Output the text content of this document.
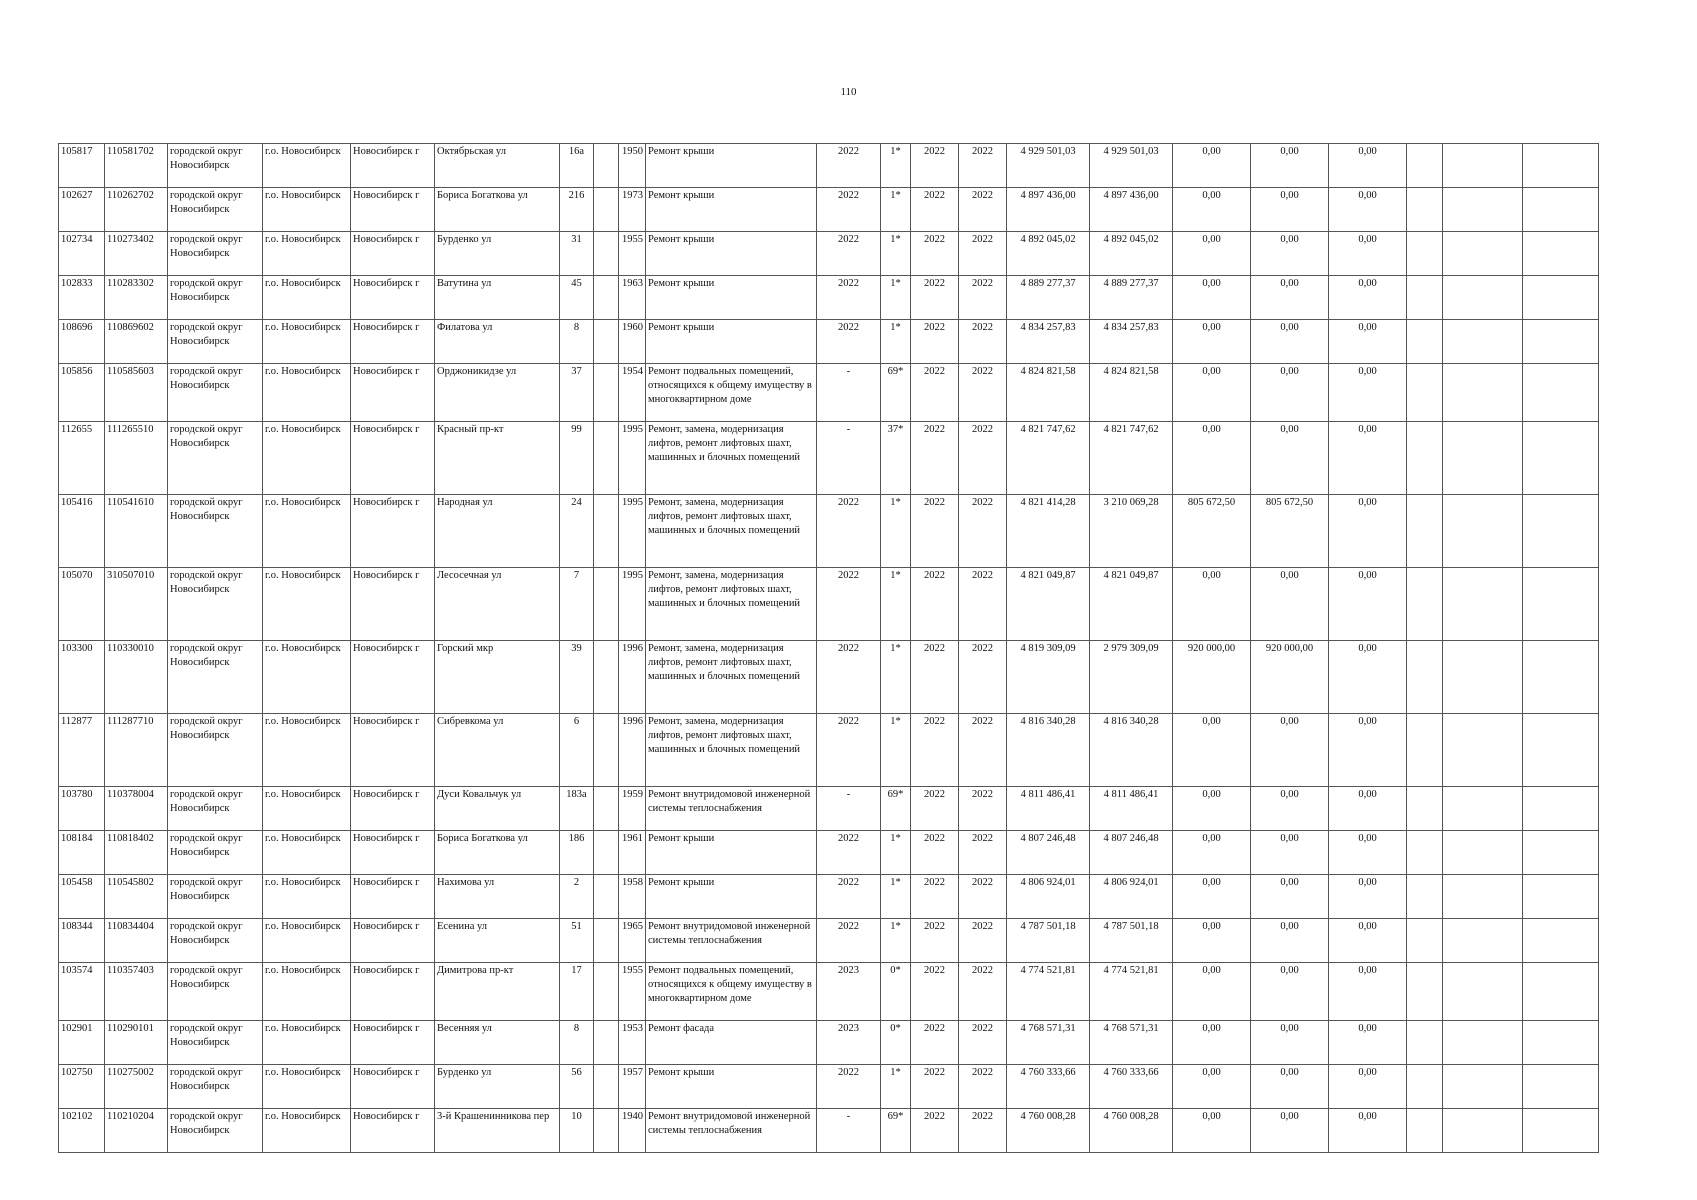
110
105817	110581702	городской округ Новосибирск	г.о. Новосибирск	Новосибирск г	Октябрьская ул	16а		1950	Ремонт крыши	2022	1*	2022	2022	4 929 501,03	4 929 501,03	0,00	0,00	0,00			
102627	110262702	городской округ Новосибирск	г.о. Новосибирск	Новосибирск г	Бориса Богаткова ул	216		1973	Ремонт крыши	2022	1*	2022	2022	4 897 436,00	4 897 436,00	0,00	0,00	0,00			
102734	110273402	городской округ Новосибирск	г.о. Новосибирск	Новосибирск г	Бурденко ул	31		1955	Ремонт крыши	2022	1*	2022	2022	4 892 045,02	4 892 045,02	0,00	0,00	0,00			
102833	110283302	городской округ Новосибирск	г.о. Новосибирск	Новосибирск г	Ватутина ул	45		1963	Ремонт крыши	2022	1*	2022	2022	4 889 277,37	4 889 277,37	0,00	0,00	0,00			
108696	110869602	городской округ Новосибирск	г.о. Новосибирск	Новосибирск г	Филатова ул	8		1960	Ремонт крыши	2022	1*	2022	2022	4 834 257,83	4 834 257,83	0,00	0,00	0,00			
105856	110585603	городской округ Новосибирск	г.о. Новосибирск	Новосибирск г	Орджоникидзе ул	37		1954	Ремонт подвальных помещений, относящихся к общему имуществу в многоквартирном доме	-	69*	2022	2022	4 824 821,58	4 824 821,58	0,00	0,00	0,00			
112655	111265510	городской округ Новосибирск	г.о. Новосибирск	Новосибирск г	Красный пр-кт	99		1995	Ремонт, замена, модернизация лифтов, ремонт лифтовых шахт, машинных и блочных помещений	-	37*	2022	2022	4 821 747,62	4 821 747,62	0,00	0,00	0,00			
105416	110541610	городской округ Новосибирск	г.о. Новосибирск	Новосибирск г	Народная ул	24		1995	Ремонт, замена, модернизация лифтов, ремонт лифтовых шахт, машинных и блочных помещений	2022	1*	2022	2022	4 821 414,28	3 210 069,28	805 672,50	805 672,50	0,00			
105070	310507010	городской округ Новосибирск	г.о. Новосибирск	Новосибирск г	Лесосечная ул	7		1995	Ремонт, замена, модернизация лифтов, ремонт лифтовых шахт, машинных и блочных помещений	2022	1*	2022	2022	4 821 049,87	4 821 049,87	0,00	0,00	0,00			
103300	110330010	городской округ Новосибирск	г.о. Новосибирск	Новосибирск г	Горский мкр	39		1996	Ремонт, замена, модернизация лифтов, ремонт лифтовых шахт, машинных и блочных помещений	2022	1*	2022	2022	4 819 309,09	2 979 309,09	920 000,00	920 000,00	0,00			
112877	111287710	городской округ Новосибирск	г.о. Новосибирск	Новосибирск г	Сибревкома ул	6		1996	Ремонт, замена, модернизация лифтов, ремонт лифтовых шахт, машинных и блочных помещений	2022	1*	2022	2022	4 816 340,28	4 816 340,28	0,00	0,00	0,00			
103780	110378004	городской округ Новосибирск	г.о. Новосибирск	Новосибирск г	Дуси Ковальчук ул	183а		1959	Ремонт внутридомовой инженерной системы теплоснабжения	-	69*	2022	2022	4 811 486,41	4 811 486,41	0,00	0,00	0,00			
108184	110818402	городской округ Новосибирск	г.о. Новосибирск	Новосибирск г	Бориса Богаткова ул	186		1961	Ремонт крыши	2022	1*	2022	2022	4 807 246,48	4 807 246,48	0,00	0,00	0,00			
105458	110545802	городской округ Новосибирск	г.о. Новосибирск	Новосибирск г	Нахимова ул	2		1958	Ремонт крыши	2022	1*	2022	2022	4 806 924,01	4 806 924,01	0,00	0,00	0,00			
108344	110834404	городской округ Новосибирск	г.о. Новосибирск	Новосибирск г	Есенина ул	51		1965	Ремонт внутридомовой инженерной системы теплоснабжения	2022	1*	2022	2022	4 787 501,18	4 787 501,18	0,00	0,00	0,00			
103574	110357403	городской округ Новосибирск	г.о. Новосибирск	Новосибирск г	Димитрова пр-кт	17		1955	Ремонт подвальных помещений, относящихся к общему имуществу в многоквартирном доме	2023	0*	2022	2022	4 774 521,81	4 774 521,81	0,00	0,00	0,00			
102901	110290101	городской округ Новосибирск	г.о. Новосибирск	Новосибирск г	Весенняя ул	8		1953	Ремонт фасада	2023	0*	2022	2022	4 768 571,31	4 768 571,31	0,00	0,00	0,00			
102750	110275002	городской округ Новосибирск	г.о. Новосибирск	Новосибирск г	Бурденко ул	56		1957	Ремонт крыши	2022	1*	2022	2022	4 760 333,66	4 760 333,66	0,00	0,00	0,00			
102102	110210204	городской округ Новосибирск	г.о. Новосибирск	Новосибирск г	3-й Крашенинникова пер	10		1940	Ремонт внутридомовой инженерной системы теплоснабжения	-	69*	2022	2022	4 760 008,28	4 760 008,28	0,00	0,00	0,00			
